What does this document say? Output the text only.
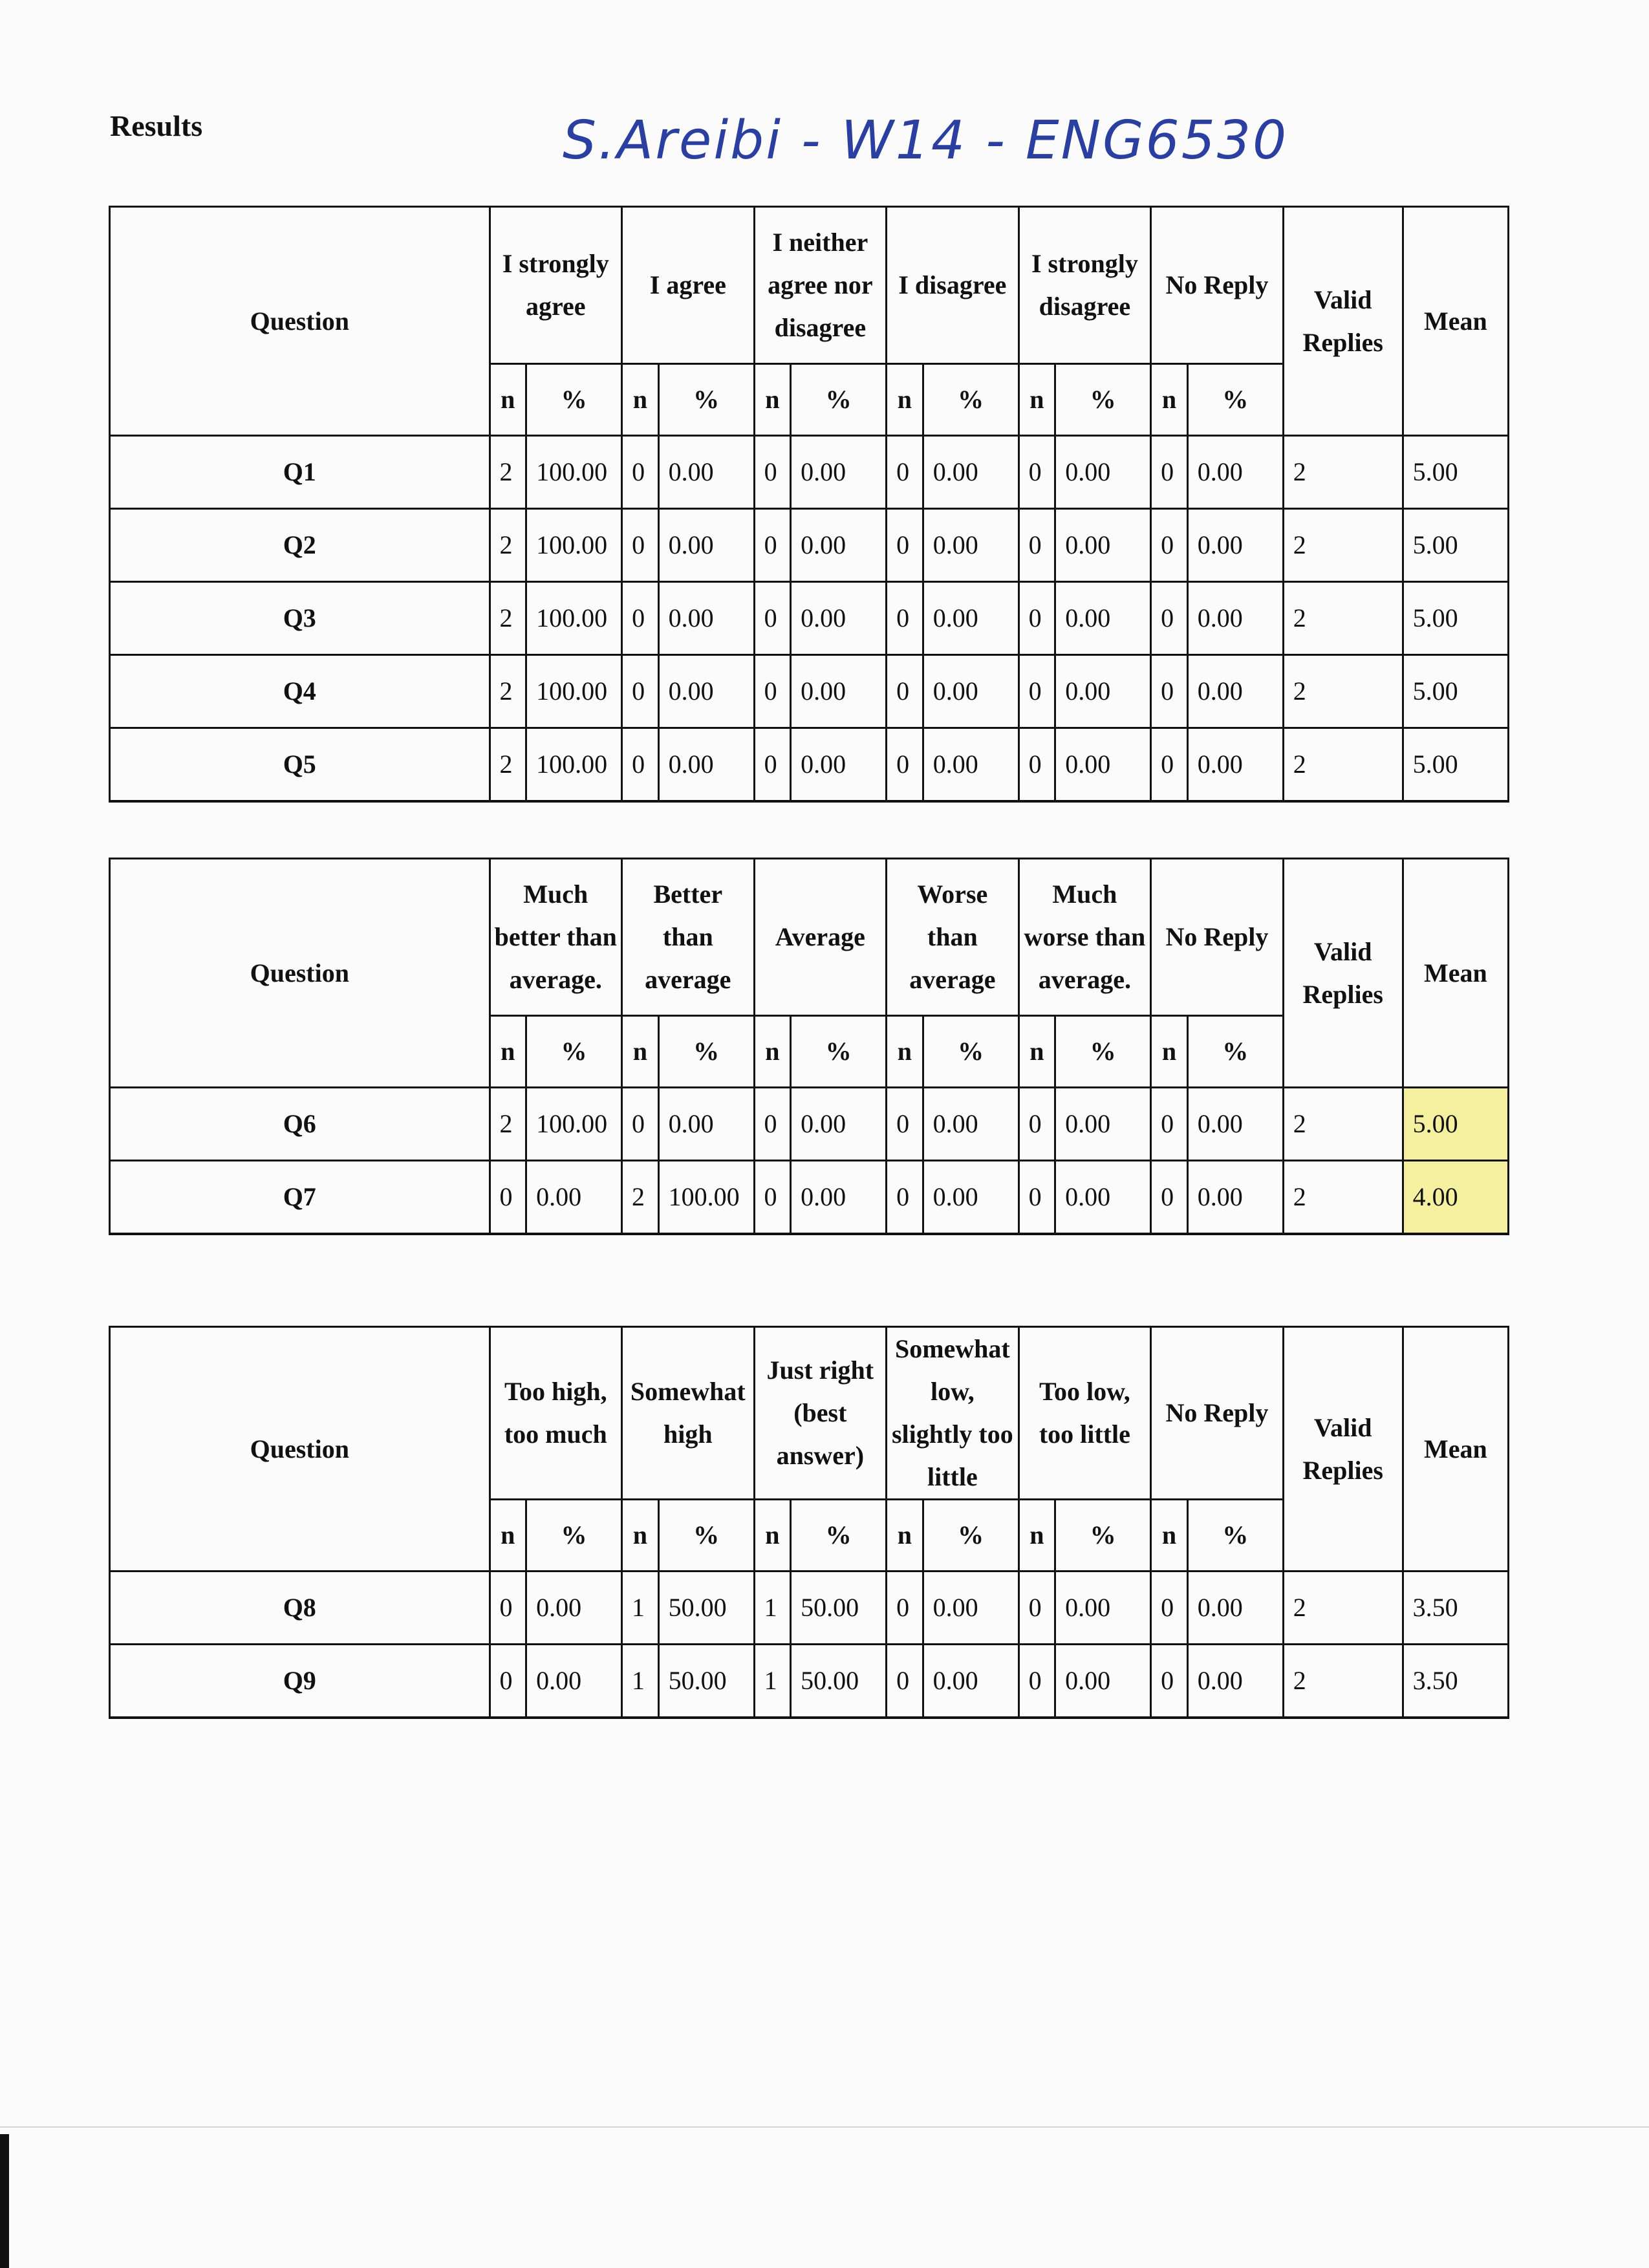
Results	S.Areibi - W14 - ENG6530
Question	I strongly agree		I agree		I neither agree nor disagree		I disagree		I strongly disagree		No Reply		Valid Replies	Mean
	n	%	n	%	n	%	n	%	n	%	n	%		
Q1	2	100.00	0	0.00	0	0.00	0	0.00	0	0.00	0	0.00	2	5.00
Q2	2	100.00	0	0.00	0	0.00	0	0.00	0	0.00	0	0.00	2	5.00
Q3	2	100.00	0	0.00	0	0.00	0	0.00	0	0.00	0	0.00	2	5.00
Q4	2	100.00	0	0.00	0	0.00	0	0.00	0	0.00	0	0.00	2	5.00
Q5	2	100.00	0	0.00	0	0.00	0	0.00	0	0.00	0	0.00	2	5.00
Question	Much better than average.		Better than average		Average		Worse than average		Much worse than average.		No Reply		Valid Replies	Mean
	n	%	n	%	n	%	n	%	n	%	n	%		
Q6	2	100.00	0	0.00	0	0.00	0	0.00	0	0.00	0	0.00	2	5.00
Q7	0	0.00	2	100.00	0	0.00	0	0.00	0	0.00	0	0.00	2	4.00
Question	Too high, too much		Somewhat high		Just right (best answer)		Somewhat low, slightly too little		Too low, too little		No Reply		Valid Replies	Mean
	n	%	n	%	n	%	n	%	n	%	n	%		
Q8	0	0.00	1	50.00	1	50.00	0	0.00	0	0.00	0	0.00	2	3.50
Q9	0	0.00	1	50.00	1	50.00	0	0.00	0	0.00	0	0.00	2	3.50
